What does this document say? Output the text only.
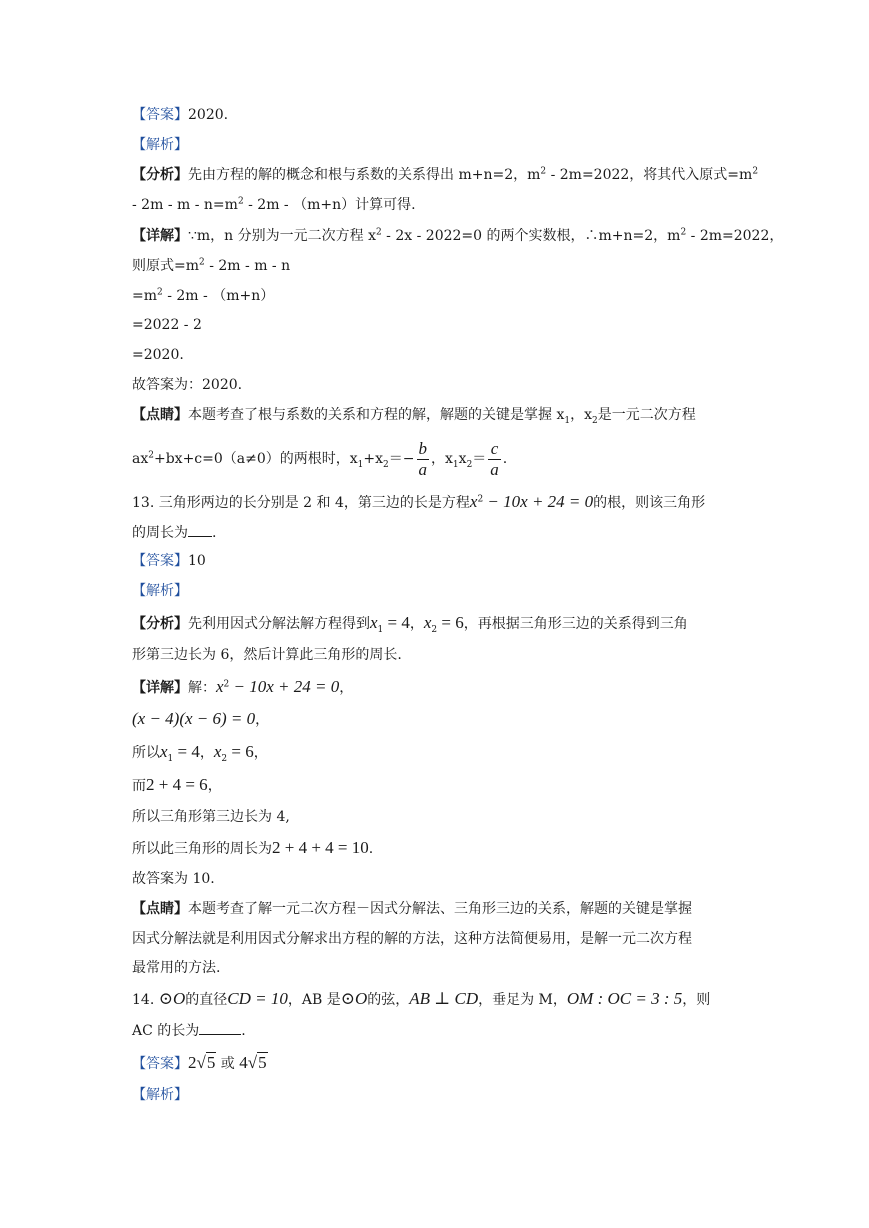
【答案】2020.
【解析】
【分析】先由方程的解的概念和根与系数的关系得出 m+n=2，$m^2 - 2m=2022$，将其代入原式$=m^2$
- $2m - m - n=m^2 - 2m - (m+n)$计算可得.
【详解】∵m，n 分别为一元二次方程 $x^2 - 2x - 2022=0$ 的两个实数根，∴m+n=2，$m^2 - 2m=2022$，
则原式$=m^2 - 2m - m - n$
$=m^2 - 2m - (m+n)$
=2022 - 2
=2020.
故答案为：2020.
【点睛】本题考查了根与系数的关系和方程的解，解题的关键是掌握 $x_1$，$x_2$是一元二次方程
$ax^2+bx+c=0(a\ne 0)$的两根时，$x_1+x_2=- \frac{b}{a}$ ，$x_1x_2= \frac{c}{a}$ .
13. 三角形两边的长分别是 2 和 4，第三边的长是方程$x^2 - 10x + 24 = 0$的根，则该三角形
的周长为 .
【答案】10
【解析】
【分析】先利用因式分解法解方程得到$x_1 = 4$，$x_2 = 6$，再根据三角形三边的关系得到三角
形第三边长为 6，然后计算此三角形的周长.
【详解】解：$x^2 - 10x + 24 = 0$，
(x − 4)(x − 6) = 0，
所以$x_1 = 4$，$x_2 = 6$，
而2 + 4 = 6，
所以三角形第三边长为 4,
所以此三角形的周长为2 + 4 + 4 = 10.
故答案为 10.
【点睛】本题考查了解一元二次方程－因式分解法、三角形三边的关系，解题的关键是掌握
因式分解法就是利用因式分解求出方程的解的方法，这种方法简便易用，是解一元二次方程
最常用的方法.
14. ⊙O的直径CD = 10，AB 是⊙O的弦，AB ⊥ CD，垂足为 M，OM : OC = 3 : 5，则
AC 的长为	.
【答案】2√5 或 4√5
【解析】
